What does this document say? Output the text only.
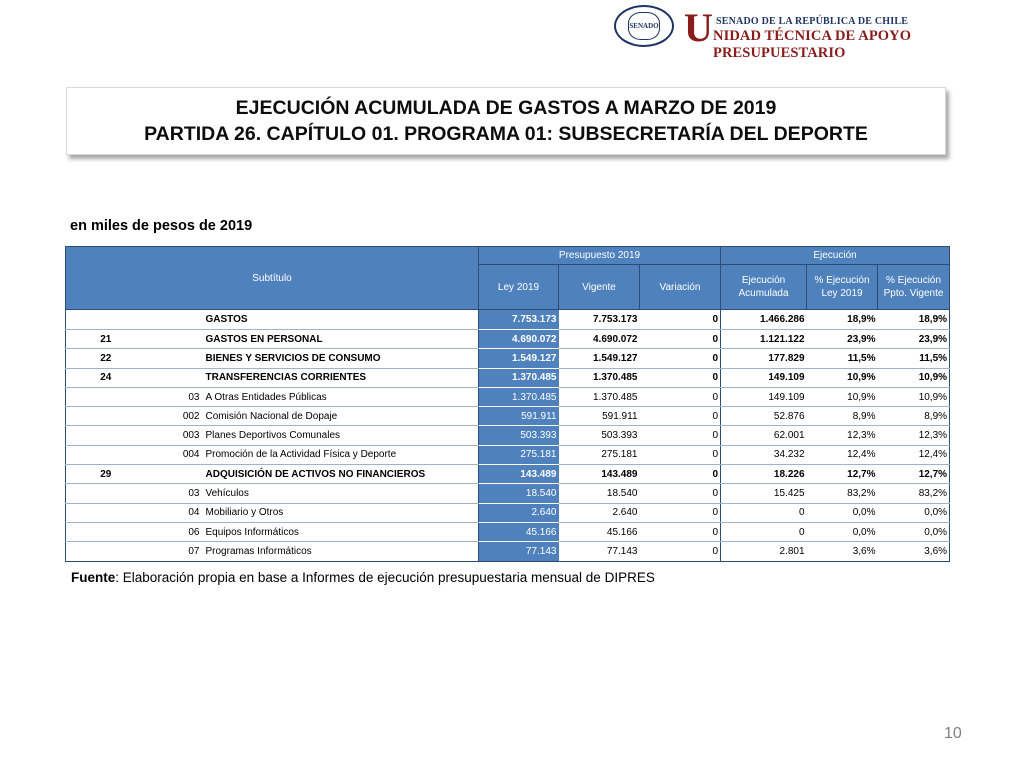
SENADO U SENADO DE LA REPÚBLICA DE CHILE
NIDAD TÉCNICA DE APOYO PRESUPUESTARIO
EJECUCIÓN ACUMULADA DE GASTOS A MARZO DE 2019
PARTIDA 26. CAPÍTULO 01. PROGRAMA 01: SUBSECRETARÍA DEL DEPORTE
en miles de pesos de 2019
Subtítulo			Presupuesto 2019			Ejecución		
			Ley 2019	Vigente	Variación	Ejecución Acumulada	% Ejecución Ley 2019	% Ejecución Ppto. Vigente
		GASTOS	7.753.173	7.753.173	0	1.466.286	18,9%	18,9%
21		GASTOS EN PERSONAL	4.690.072	4.690.072	0	1.121.122	23,9%	23,9%
22		BIENES Y SERVICIOS DE CONSUMO	1.549.127	1.549.127	0	177.829	11,5%	11,5%
24		TRANSFERENCIAS CORRIENTES	1.370.485	1.370.485	0	149.109	10,9%	10,9%
	03	A Otras Entidades Públicas	1.370.485	1.370.485	0	149.109	10,9%	10,9%
	002	Comisión Nacional de Dopaje	591.911	591.911	0	52.876	8,9%	8,9%
	003	Planes Deportivos Comunales	503.393	503.393	0	62.001	12,3%	12,3%
	004	Promoción de la Actividad Física y Deporte	275.181	275.181	0	34.232	12,4%	12,4%
29		ADQUISICIÓN DE ACTIVOS NO FINANCIEROS	143.489	143.489	0	18.226	12,7%	12,7%
	03	Vehículos	18.540	18.540	0	15.425	83,2%	83,2%
	04	Mobiliario y Otros	2.640	2.640	0	0	0,0%	0,0%
	06	Equipos Informáticos	45.166	45.166	0	0	0,0%	0,0%
	07	Programas Informáticos	77.143	77.143	0	2.801	3,6%	3,6%
Fuente: Elaboración propia en base a Informes de ejecución presupuestaria mensual de DIPRES
10
